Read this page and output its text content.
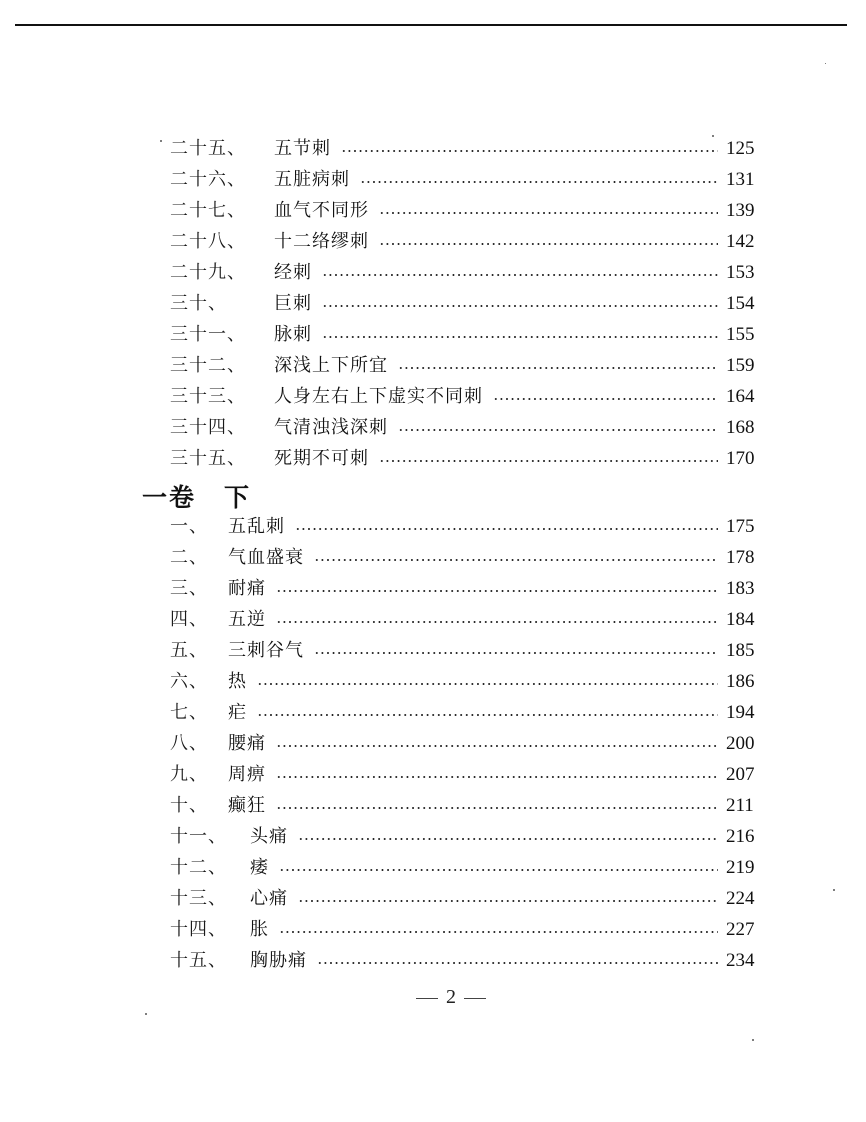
二十五、	五节刺	125
二十六、	五脏病刺	131
二十七、	血气不同形	139
二十八、	十二络缪刺	142
二十九、	经刺	153
三十、	巨刺	154
三十一、	脉刺	155
三十二、	深浅上下所宜	159
三十三、	人身左右上下虚实不同刺	164
三十四、	气清浊浅深刺	168
三十五、	死期不可刺	170
一卷 下
一、	五乱刺	175
二、	气血盛衰	178
三、	耐痛	183
四、	五逆	184
五、	三刺谷气	185
六、	热	186
七、	疟	194
八、	腰痛	200
九、	周痹	207
十、	癫狂	211
十一、	头痛	216
十二、	痿	219
十三、	心痛	224
十四、	胀	227
十五、	胸胁痛	234
2
